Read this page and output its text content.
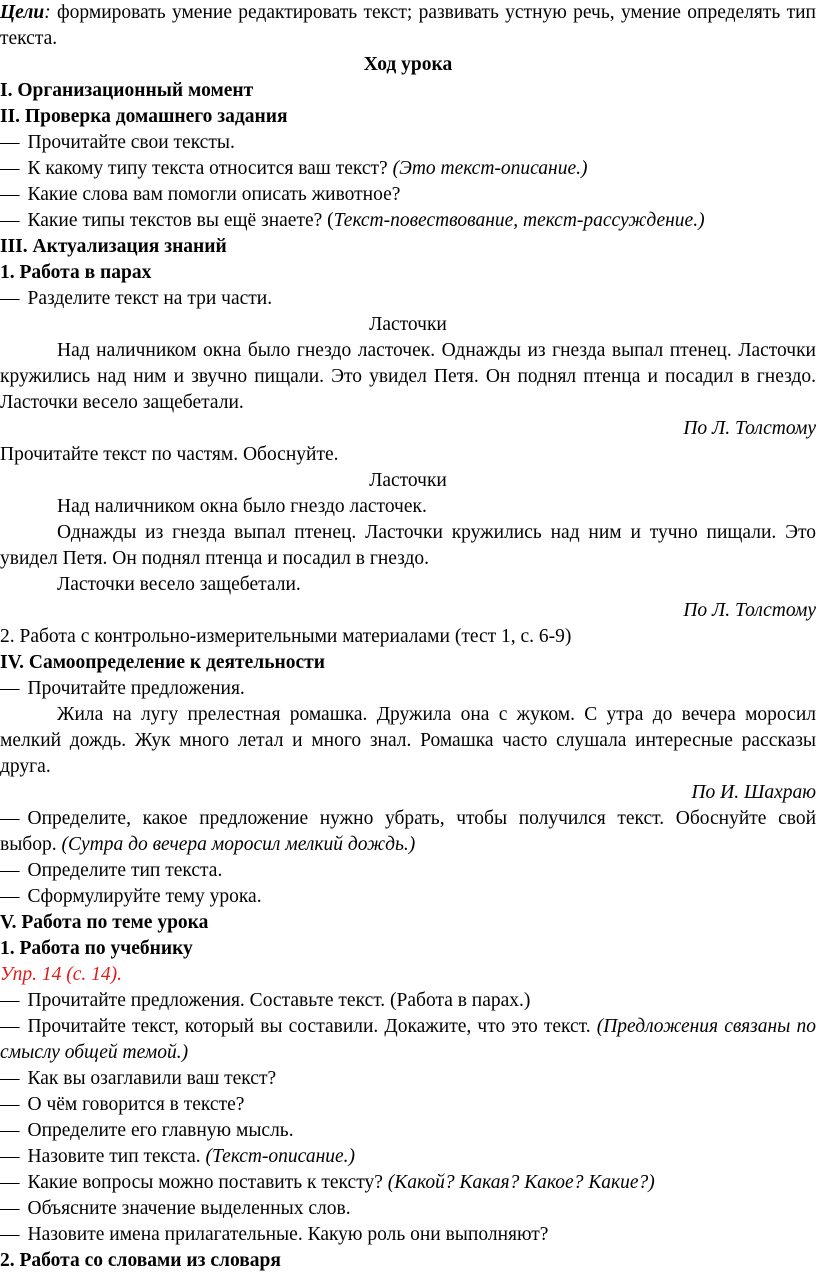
Цели: формировать умение редактировать текст; развивать устную речь, умение определять тип текста.

Ход урока

I. Организационный момент

II. Проверка домашнего задания

— Прочитайте свои тексты.

— К какому типу текста относится ваш текст? (Это текст-описание.)

— Какие слова вам помогли описать животное?

— Какие типы текстов вы ещё знаете? (Текст-повествование, текст-рассуждение.)

III. Актуализация знаний

1. Работа в парах

— Разделите текст на три части.

Ласточки

Над наличником окна было гнездо ласточек. Однажды из гнезда выпал птенец. Ласточки кружились над ним и звучно пищали. Это увидел Петя. Он поднял птенца и посадил в гнездо. Ласточки весело защебетали.

По Л. Толстому

Прочитайте текст по частям. Обоснуйте.

Ласточки

Над наличником окна было гнездо ласточек.

Однажды из гнезда выпал птенец. Ласточки кружились над ним и тучно пищали. Это увидел Петя. Он поднял птенца и посадил в гнездо.

Ласточки весело защебетали.

По Л. Толстому

2. Работа с контрольно-измерительными материалами (тест 1, с. 6-9)

IV. Самоопределение к деятельности

— Прочитайте предложения.

Жила на лугу прелестная ромашка. Дружила она с жуком. С утра до вечера моросил мелкий дождь. Жук много летал и много знал. Ромашка часто слушала интересные рассказы друга.

По И. Шахраю

— Определите, какое предложение нужно убрать, чтобы получился текст. Обоснуйте свой выбор. (Сутра до вечера моросил мелкий дождь.)

— Определите тип текста.

— Сформулируйте тему урока.

V. Работа по теме урока

1. Работа по учебнику

Упр. 14 (с. 14).

— Прочитайте предложения. Составьте текст. (Работа в парах.)

— Прочитайте текст, который вы составили. Докажите, что это текст. (Предложения связаны по смыслу общей темой.)

— Как вы озаглавили ваш текст?

— О чём говорится в тексте?

— Определите его главную мысль.

— Назовите тип текста. (Текст-описание.)

— Какие вопросы можно поставить к тексту? (Какой? Какая? Какое? Какие?)

— Объясните значение выделенных слов.

— Назовите имена прилагательные. Какую роль они выполняют?

2. Работа со словами из словаря
